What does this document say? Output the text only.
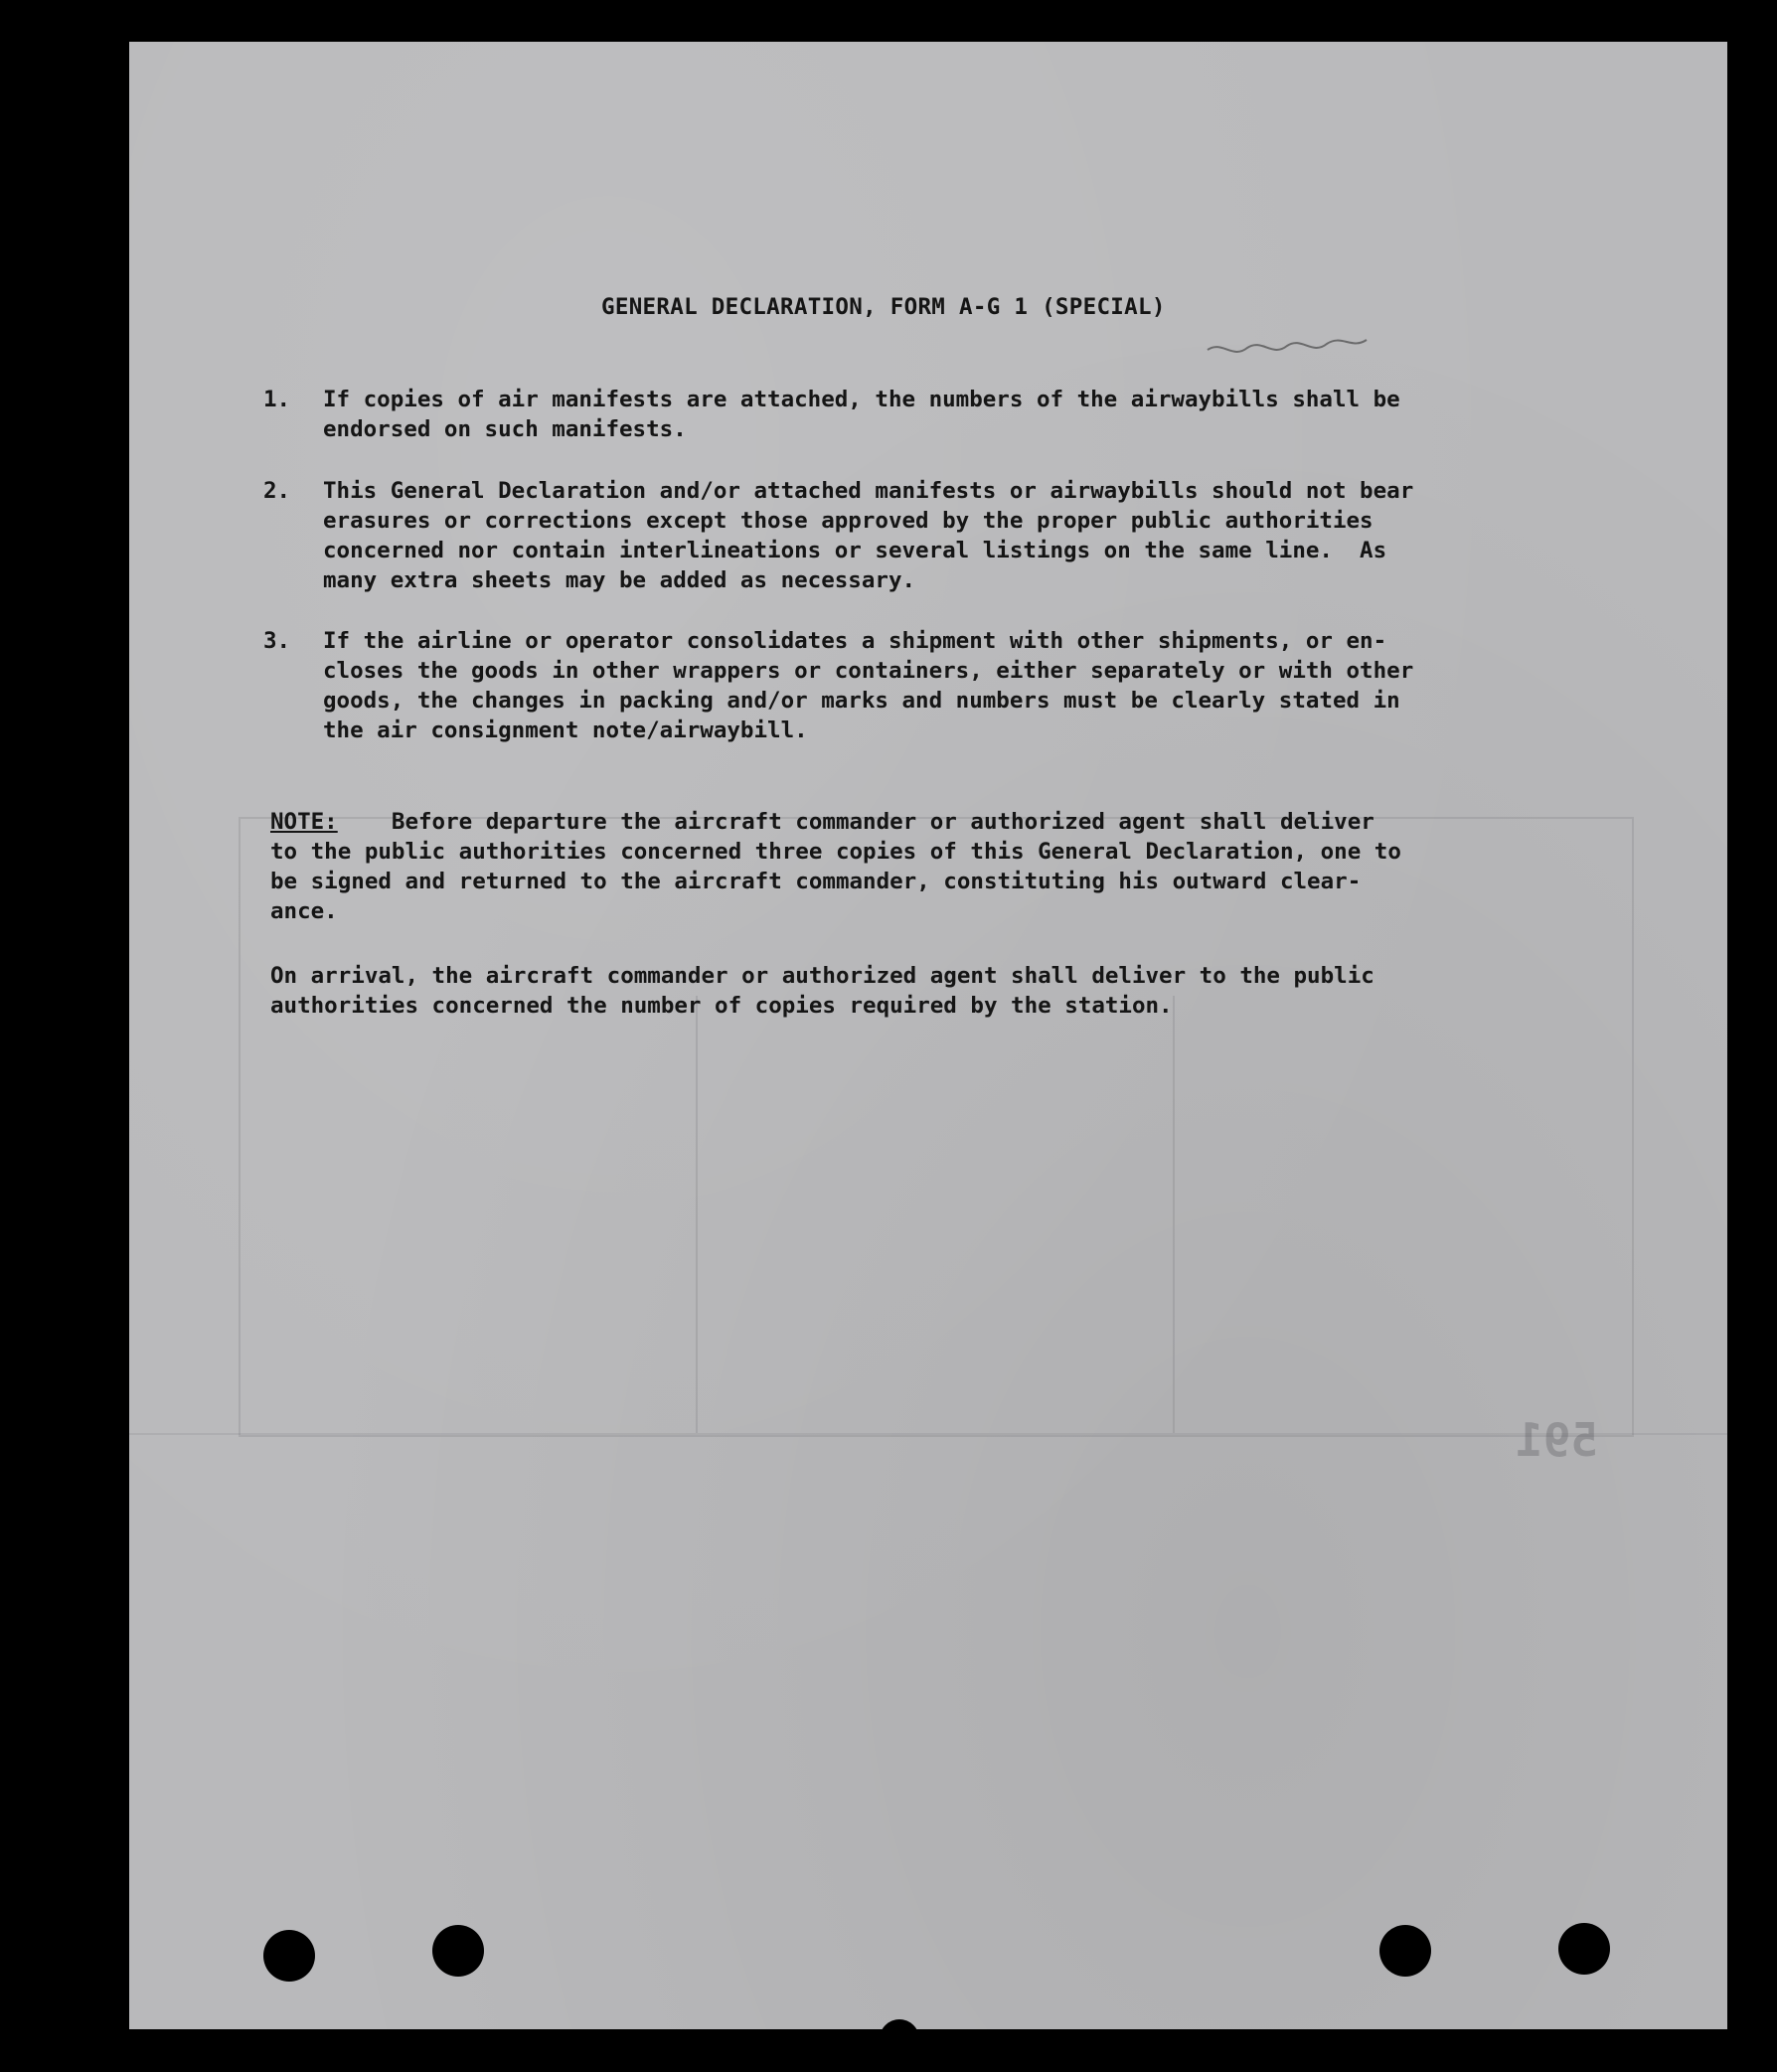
591
GENERAL DECLARATION, FORM A-G 1 (SPECIAL)
1. If copies of air manifests are attached, the numbers of the airwaybills shall be
endorsed on such manifests.
2. This General Declaration and/or attached manifests or airwaybills should not bear
erasures or corrections except those approved by the proper public authorities
concerned nor contain interlineations or several listings on the same line.  As
many extra sheets may be added as necessary.
3. If the airline or operator consolidates a shipment with other shipments, or en-
closes the goods in other wrappers or containers, either separately or with other
goods, the changes in packing and/or marks and numbers must be clearly stated in
the air consignment note/airwaybill.
NOTE:    Before departure the aircraft commander or authorized agent shall deliver
to the public authorities concerned three copies of this General Declaration, one to
be signed and returned to the aircraft commander, constituting his outward clear-
ance.
On arrival, the aircraft commander or authorized agent shall deliver to the public
authorities concerned the number of copies required by the station.
